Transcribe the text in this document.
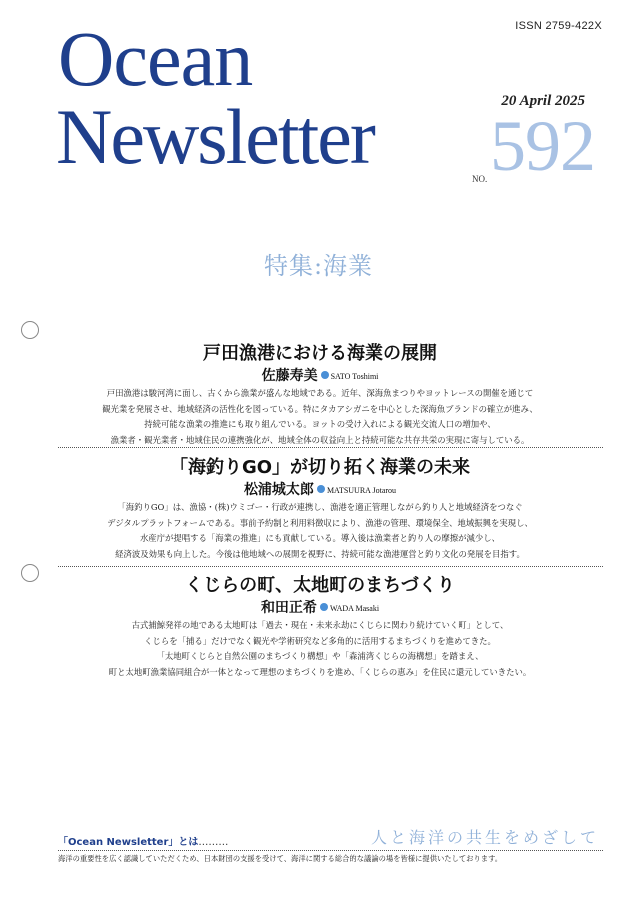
ISSN 2759-422X
Ocean
Newsletter	20 April 2025
NO. 592
特集:海業
戸田漁港における海業の展開
佐藤寿美 SATO Toshimi
戸田漁港は駿河湾に面し、古くから漁業が盛んな地域である。近年、深海魚まつりやヨットレースの開催を通じて
観光業を発展させ、地域経済の活性化を図っている。特にタカアシガニを中心とした深海魚ブランドの確立が進み、
持続可能な漁業の推進にも取り組んでいる。ヨットの受け入れによる観光交流人口の増加や、
漁業者・観光業者・地域住民の連携強化が、地域全体の収益向上と持続可能な共存共栄の実現に寄与している。
「海釣りGO」が切り拓く海業の未来
松浦城太郎 MATSUURA Jotarou
「海釣りGO」は、漁協・(株)ウミゴー・行政が連携し、漁港を適正管理しながら釣り人と地域経済をつなぐ
デジタルプラットフォームである。事前予約制と利用料徴収により、漁港の管理、環境保全、地域振興を実現し、
水産庁が提唱する「海業の推進」にも貢献している。導入後は漁業者と釣り人の摩擦が減少し、
経済波及効果も向上した。今後は他地域への展開を視野に、持続可能な漁港運営と釣り文化の発展を目指す。
くじらの町、太地町のまちづくり
和田正希 WADA Masaki
古式捕鯨発祥の地である太地町は「過去・現在・未来永劫にくじらに関わり続けていく町」として、
くじらを「捕る」だけでなく観光や学術研究など多角的に活用するまちづくりを進めてきた。
「太地町くじらと自然公園のまちづくり構想」や「森浦湾くじらの海構想」を踏まえ、
町と太地町漁業協同組合が一体となって理想のまちづくりを進め、「くじらの恵み」を住民に還元していきたい。
「Ocean Newsletter」とは………	人と海洋の共生をめざして
海洋の重要性を広く認識していただくため、日本財団の支援を受けて、海洋に関する総合的な議論の場を皆様に提供いたしております。
